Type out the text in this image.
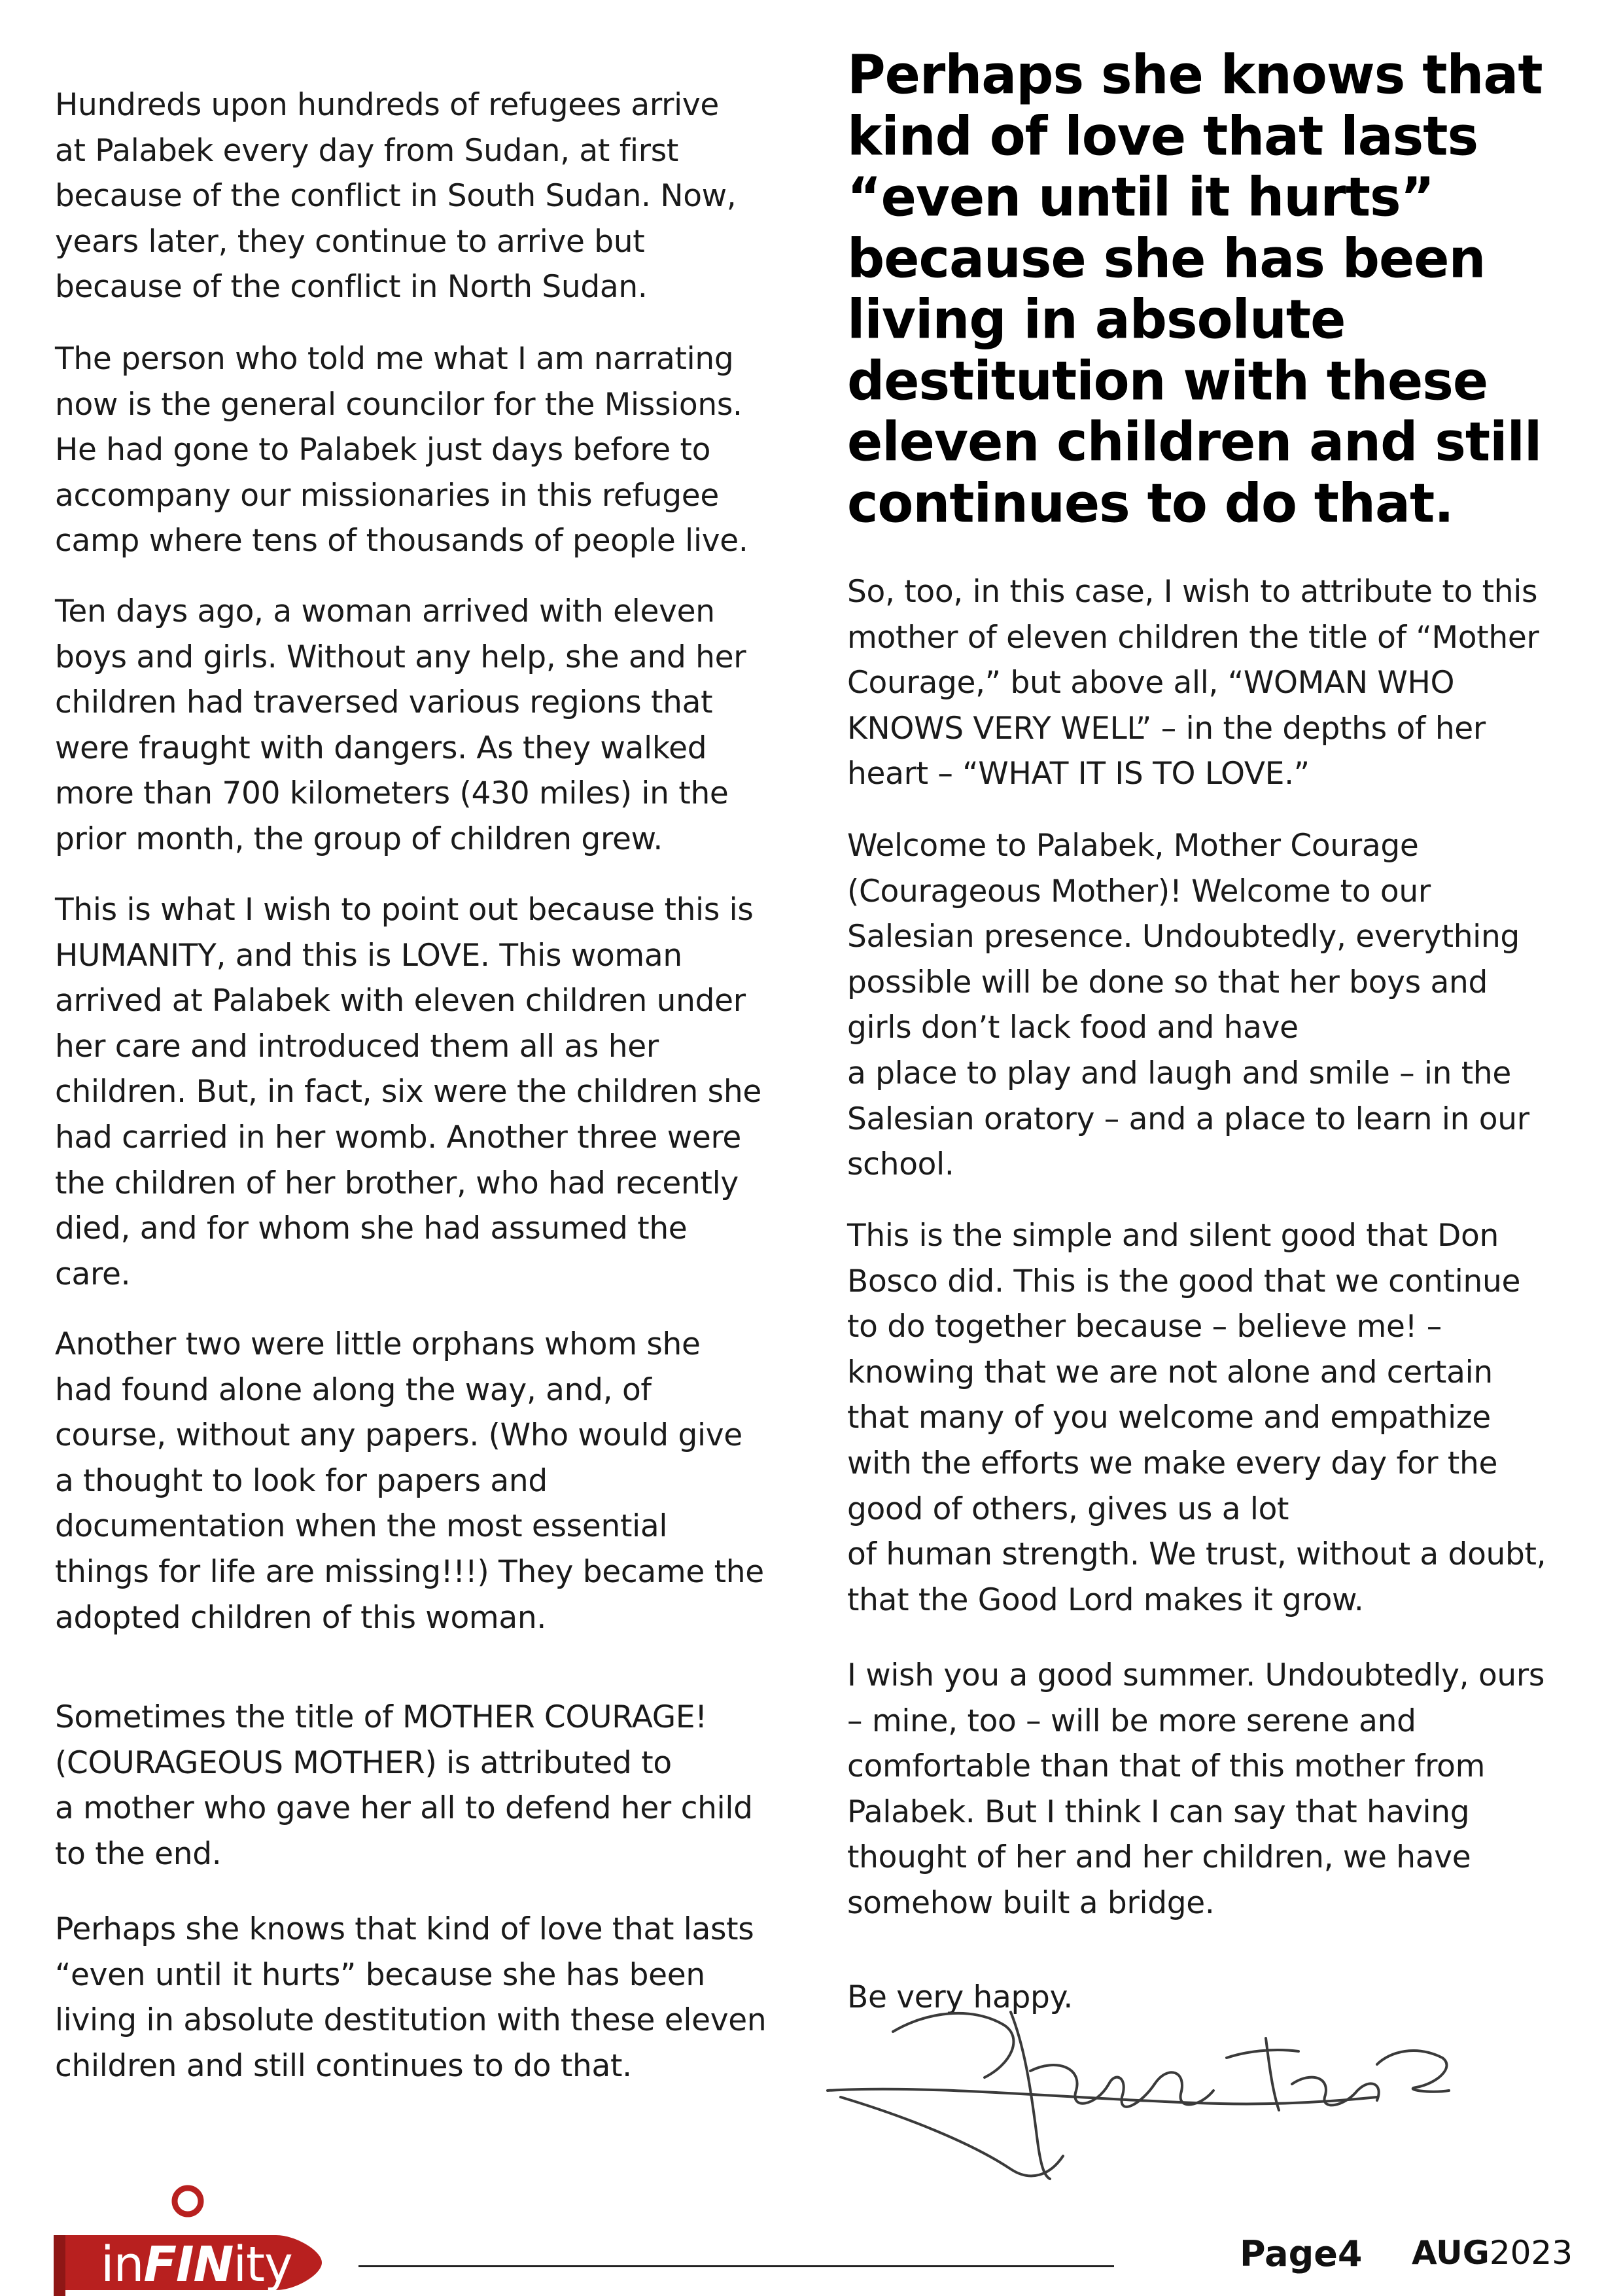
Hundreds upon hundreds of refugees arrive
at Palabek every day from Sudan, at first
because of the conflict in South Sudan. Now,
years later, they continue to arrive but
because of the conflict in North Sudan.

The person who told me what I am narrating
now is the general councilor for the Missions.
He had gone to Palabek just days before to
accompany our missionaries in this refugee
camp where tens of thousands of people live.

Ten days ago, a woman arrived with eleven
boys and girls. Without any help, she and her
children had traversed various regions that
were fraught with dangers. As they walked
more than 700 kilometers (430 miles) in the
prior month, the group of children grew.

This is what I wish to point out because this is
HUMANITY, and this is LOVE. This woman
arrived at Palabek with eleven children under
her care and introduced them all as her
children. But, in fact, six were the children she
had carried in her womb. Another three were
the children of her brother, who had recently
died, and for whom she had assumed the
care.

Another two were little orphans whom she
had found alone along the way, and, of
course, without any papers. (Who would give
a thought to look for papers and
documentation when the most essential
things for life are missing!!!) They became the
adopted children of this woman.

Sometimes the title of MOTHER COURAGE!
(COURAGEOUS MOTHER) is attributed to
a mother who gave her all to defend her child
to the end.

Perhaps she knows that kind of love that lasts
“even until it hurts” because she has been
living in absolute destitution with these eleven
children and still continues to do that.

Perhaps she knows that
kind of love that lasts
“even until it hurts”
because she has been
living in absolute
destitution with these
eleven children and still
continues to do that.

So, too, in this case, I wish to attribute to this
mother of eleven children the title of “Mother
Courage,” but above all, “WOMAN WHO
KNOWS VERY WELL” – in the depths of her
heart – “WHAT IT IS TO LOVE.”

Welcome to Palabek, Mother Courage
(Courageous Mother)! Welcome to our
Salesian presence. Undoubtedly, everything
possible will be done so that her boys and
girls don’t lack food and have
a place to play and laugh and smile – in the
Salesian oratory – and a place to learn in our
school.

This is the simple and silent good that Don
Bosco did. This is the good that we continue
to do together because – believe me! –
knowing that we are not alone and certain
that many of you welcome and empathize
with the efforts we make every day for the
good of others, gives us a lot
of human strength. We trust, without a doubt,
that the Good Lord makes it grow.

I wish you a good summer. Undoubtedly, ours
– mine, too – will be more serene and
comfortable than that of this mother from
Palabek. But I think I can say that having
thought of her and her children, we have
somehow built a bridge.

Be very happy.

inFINity	Page4 AUG2023
